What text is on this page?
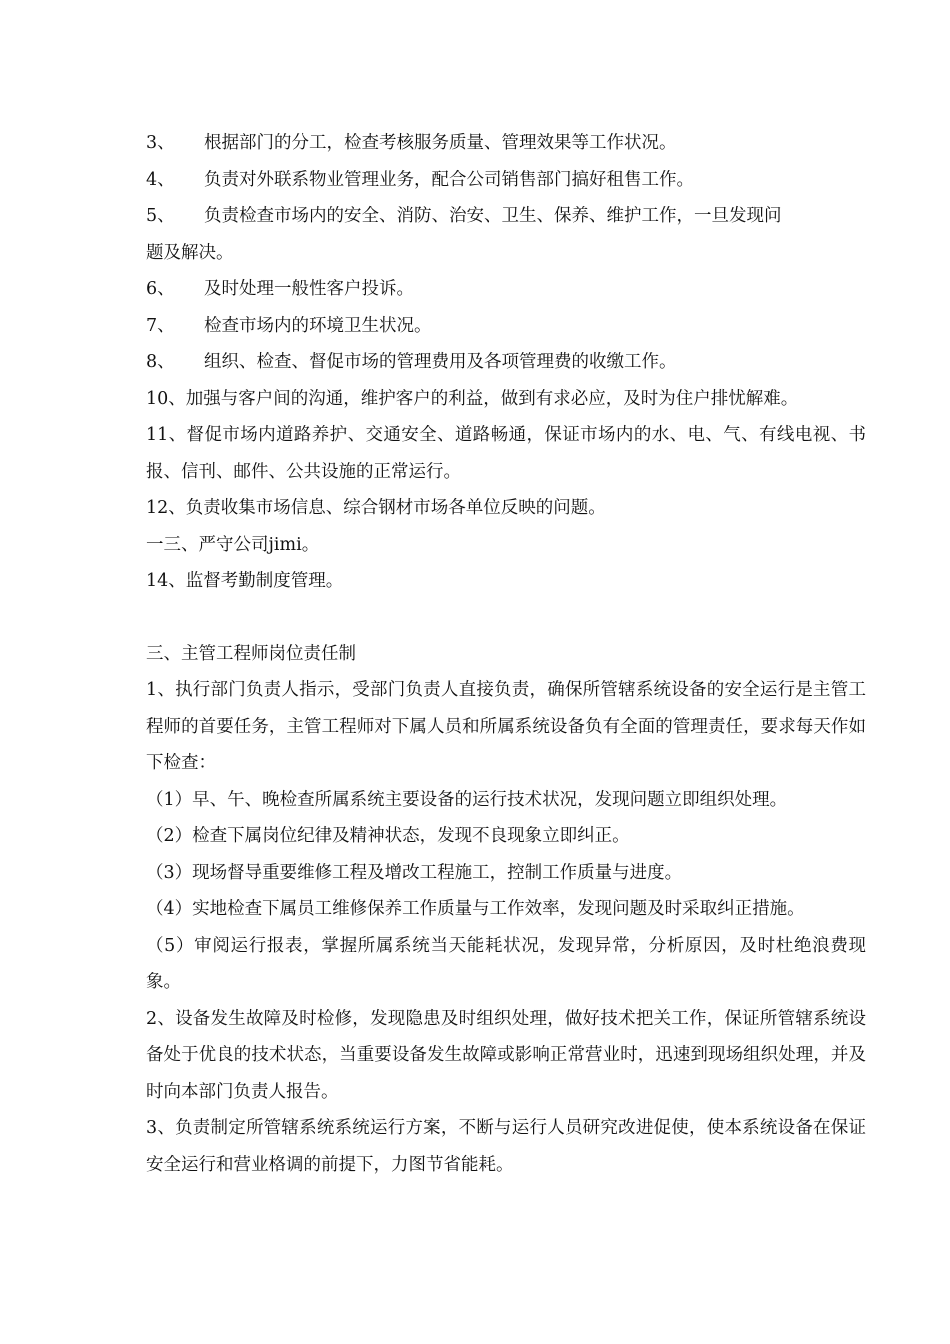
3、	根据部门的分工，检查考核服务质量、管理效果等工作状况。
4、	负责对外联系物业管理业务，配合公司销售部门搞好租售工作。
5、	负责检查市场内的安全、消防、治安、卫生、保养、维护工作，一旦发现问
题及解决。
6、	及时处理一般性客户投诉。
7、	检查市场内的环境卫生状况。
8、	组织、检查、督促市场的管理费用及各项管理费的收缴工作。

10、加强与客户间的沟通，维护客户的利益，做到有求必应，及时为住户排忧解难。

11、督促市场内道路养护、交通安全、道路畅通，保证市场内的水、电、气、有线电视、书报、信刊、邮件、公共设施的正常运行。

12、负责收集市场信息、综合钢材市场各单位反映的问题。

一三、严守公司jimi。

14、监督考勤制度管理。

三、主管工程师岗位责任制

1、执行部门负责人指示，受部门负责人直接负责，确保所管辖系统设备的安全运行是主管工程师的首要任务，主管工程师对下属人员和所属系统设备负有全面的管理责任，要求每天作如下检查：

（1）早、午、晚检查所属系统主要设备的运行技术状况，发现问题立即组织处理。

（2）检查下属岗位纪律及精神状态，发现不良现象立即纠正。

（3）现场督导重要维修工程及增改工程施工，控制工作质量与进度。

（4）实地检查下属员工维修保养工作质量与工作效率，发现问题及时采取纠正措施。

（5）审阅运行报表，掌握所属系统当天能耗状况，发现异常，分析原因，及时杜绝浪费现象。

2、设备发生故障及时检修，发现隐患及时组织处理，做好技术把关工作，保证所管辖系统设备处于优良的技术状态，当重要设备发生故障或影响正常营业时，迅速到现场组织处理，并及时向本部门负责人报告。

3、负责制定所管辖系统系统运行方案，不断与运行人员研究改进促使，使本系统设备在保证安全运行和营业格调的前提下，力图节省能耗。
